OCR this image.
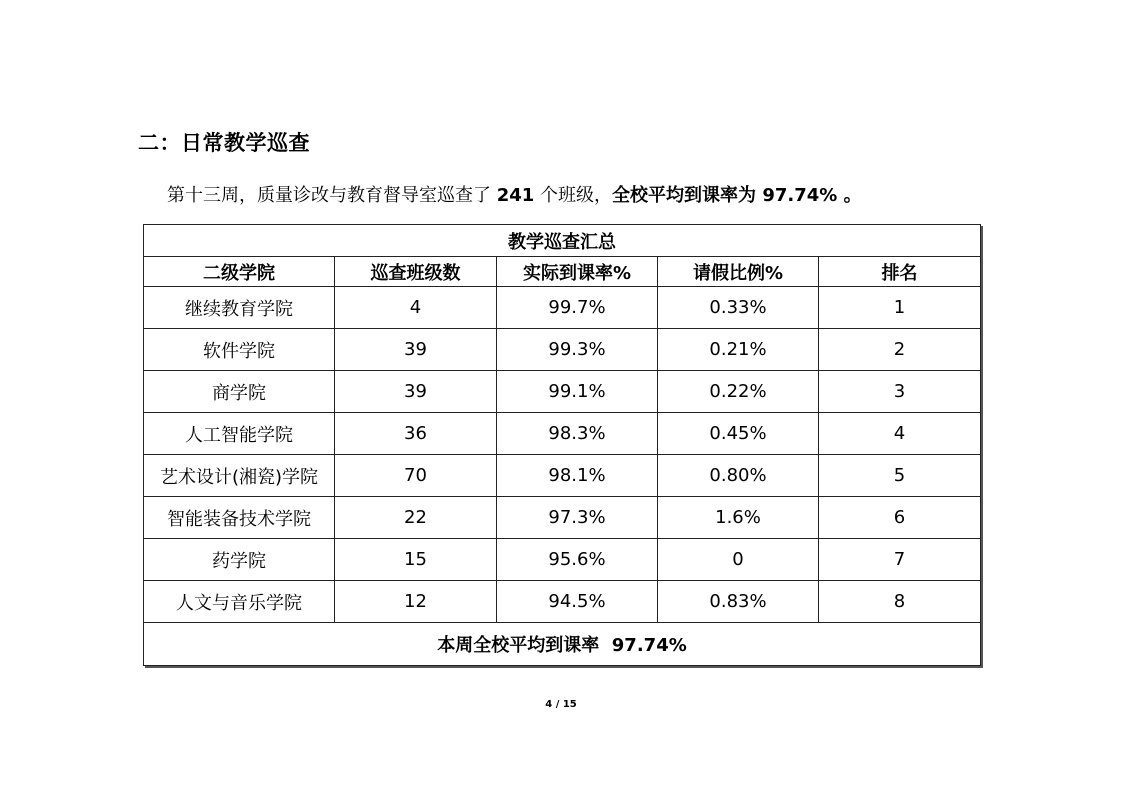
二：日常教学巡查
第十三周，质量诊改与教育督导室巡查了 241 个班级，全校平均到课率为 97.74% 。
教学巡查汇总				
二级学院	巡查班级数	实际到课率%	请假比例%	排名
继续教育学院	4	99.7%	0.33%	1
软件学院	39	99.3%	0.21%	2
商学院	39	99.1%	0.22%	3
人工智能学院	36	98.3%	0.45%	4
艺术设计(湘瓷)学院	70	98.1%	0.80%	5
智能装备技术学院	22	97.3%	1.6%	6
药学院	15	95.6%	0	7
人文与音乐学院	12	94.5%	0.83%	8
本周全校平均到课率  97.74%				
4 / 15
